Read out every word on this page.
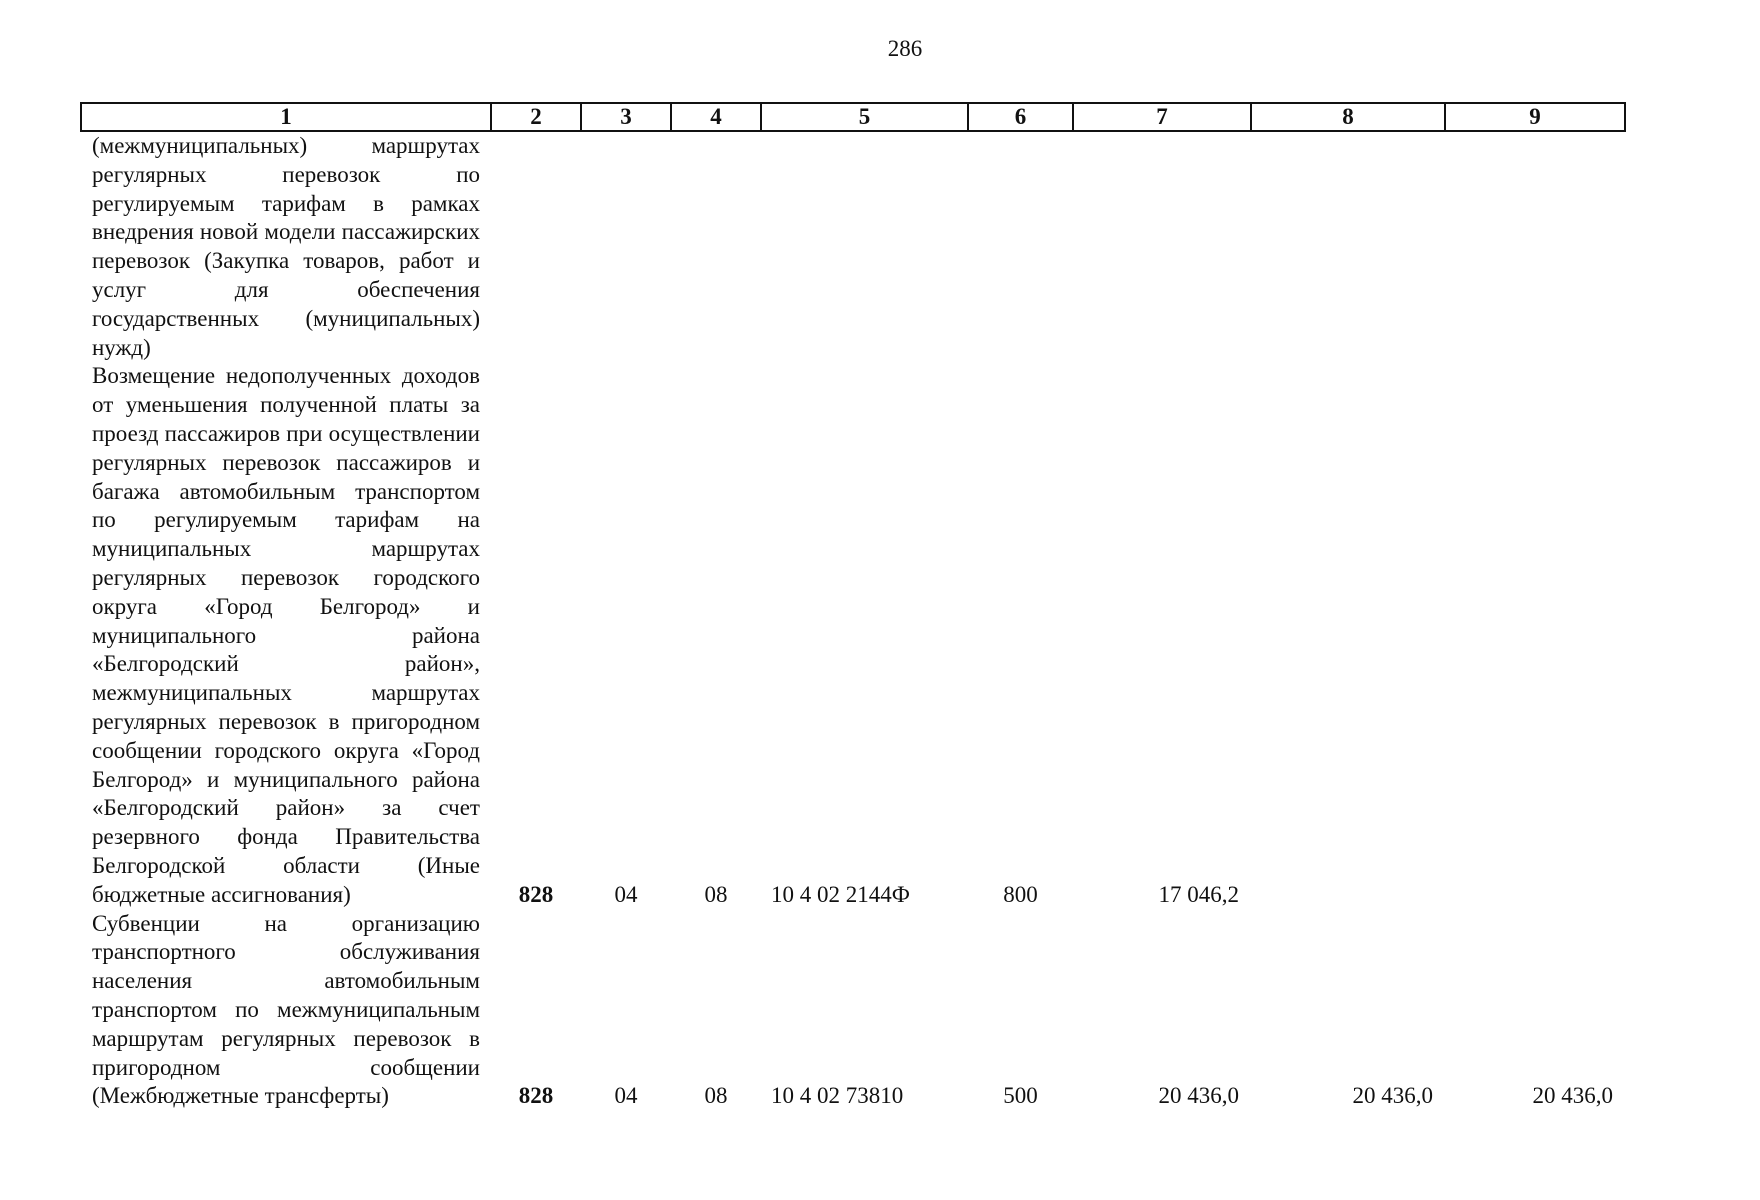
286
1	2	3	4	5	6	7	8	9
(межмуниципальных) маршрутах регулярных перевозок по регулируемым тарифам в рамках внедрения новой модели пассажирских перевозок (Закупка товаров, работ и услуг для обеспечения государственных (муниципальных) нужд)								
Возмещение недополученных доходов от уменьшения полученной платы за проезд пассажиров при осуществлении регулярных перевозок пассажиров и багажа автомобильным транспортом по регулируемым тарифам на муниципальных маршрутах регулярных перевозок городского округа «Город Белгород» и муниципального района «Белгородский район», межмуниципальных маршрутах регулярных перевозок в пригородном сообщении городского округа «Город Белгород» и муниципального района «Белгородский район» за счет резервного фонда Правительства Белгородской области (Иные бюджетные ассигнования)	828	04	08	10 4 02 2144Ф	800	17 046,2		
Субвенции на организацию транспортного обслуживания населения автомобильным транспортом по межмуниципальным маршрутам регулярных перевозок в пригородном сообщении (Межбюджетные трансферты)	828	04	08	10 4 02 73810	500	20 436,0	20 436,0	20 436,0
